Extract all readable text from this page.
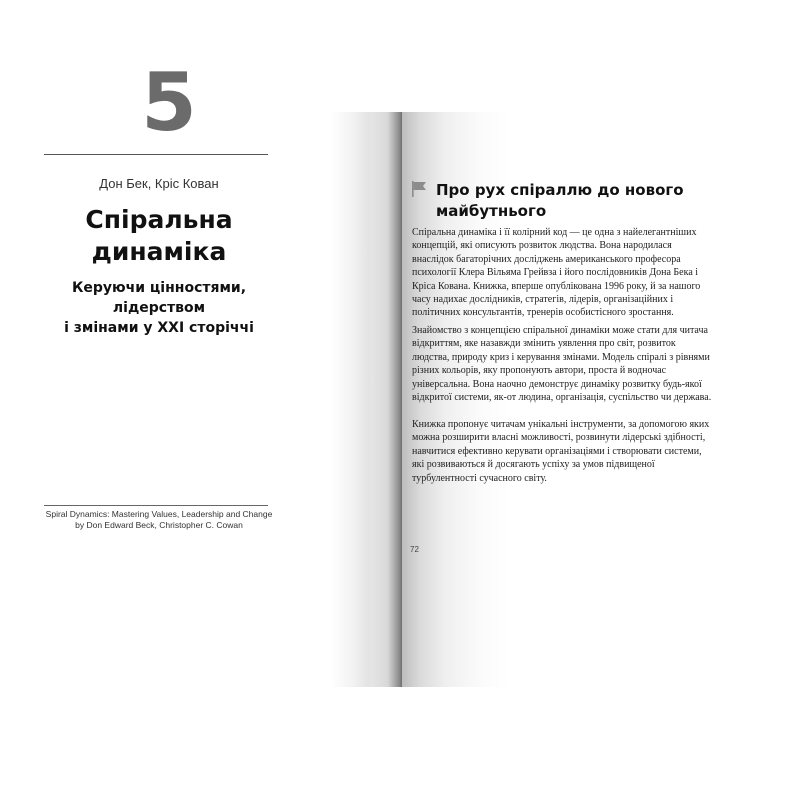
5
Дон Бек, Кріс Кован
Спіральна
динаміка
Керуючи цінностями, лідерством
і змінами у XXI сторіччі
Spiral Dynamics: Mastering Values, Leadership and Change
by Don Edward Beck, Christopher C. Cowan
Про рух спіраллю до нового
майбутнього

Спіральна динаміка і її колірний код — це одна з найелегантніших концепцій, які описують розвиток людства. Вона народилася внаслідок багаторічних досліджень американського професора психології Клера Вільяма Грейвза і його послідовників Дона Бека і Кріса Кована. Книжка, вперше опублікована 1996 року, й за нашого часу надихає дослідників, стратегів, лідерів, організаційних і політичних консультантів, тренерів особистісного зростання.

Знайомство з концепцією спіральної динаміки може стати для читача відкриттям, яке назавжди змінить уявлення про світ, розвиток людства, природу криз і керування змінами. Модель спіралі з рівнями різних кольорів, яку пропонують автори, проста й водночас універсальна. Вона наочно демонструє динаміку розвитку будь-якої відкритої системи, як-от людина, організація, суспільство чи держава.

Книжка пропонує читачам унікальні інструменти, за допомогою яких можна розширити власні можливості, розвинути лідерські здібності, навчитися ефективно керувати організаціями і створювати системи, які розвиваються й досягають успіху за умов підвищеної турбулентності сучасного світу.

72
